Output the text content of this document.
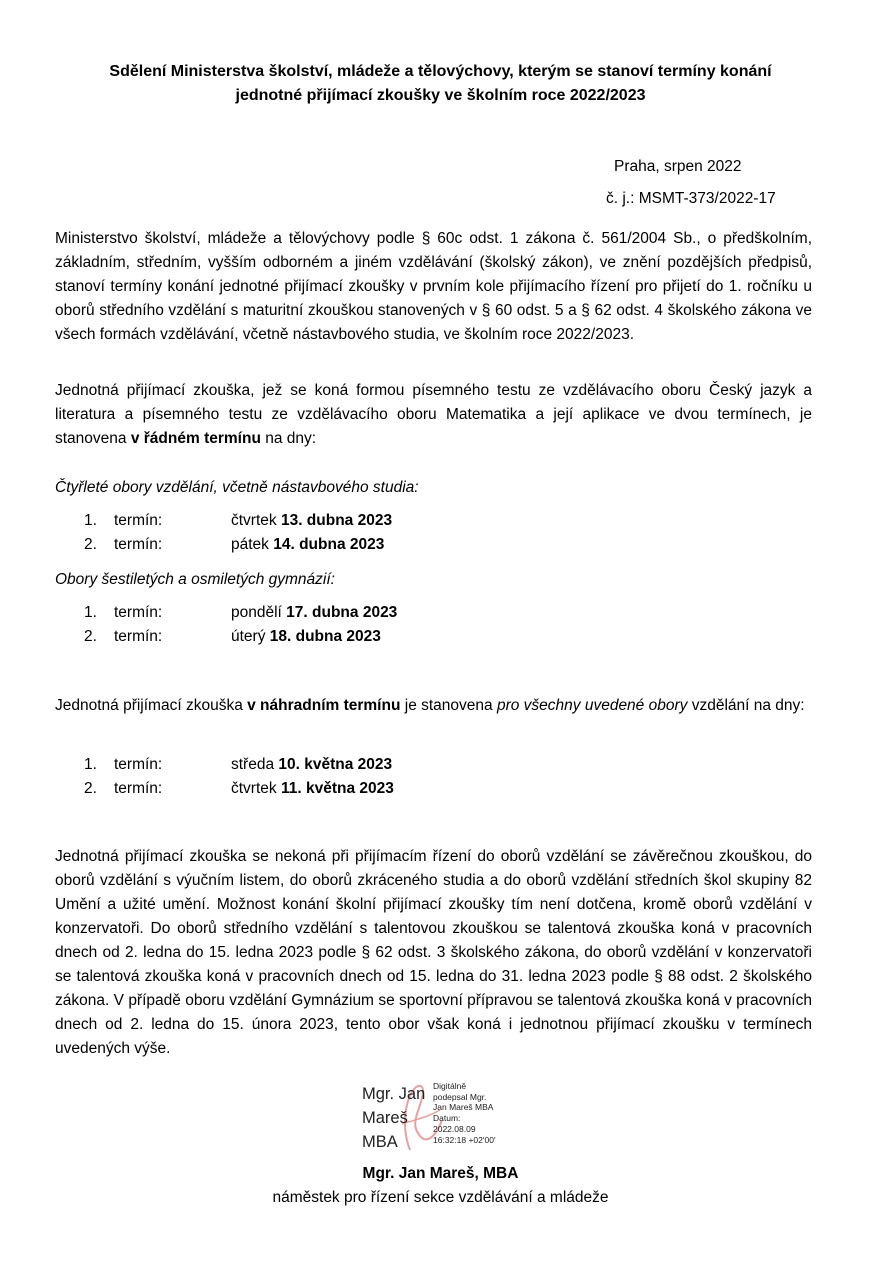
Sdělení Ministerstva školství, mládeže a tělovýchovy, kterým se stanoví termíny konání
jednotné přijímací zkoušky ve školním roce 2022/2023
Praha, srpen 2022
č. j.: MSMT-373/2022-17

Ministerstvo školství, mládeže a tělovýchovy podle § 60c odst. 1 zákona č. 561/2004 Sb., o předškolním, základním, středním, vyšším odborném a jiném vzdělávání (školský zákon), ve znění pozdějších předpisů, stanoví termíny konání jednotné přijímací zkoušky v prvním kole přijímacího řízení pro přijetí do 1. ročníku u oborů středního vzdělání s maturitní zkouškou stanovených v § 60 odst. 5 a § 62 odst. 4 školského zákona ve všech formách vzdělávání, včetně nástavbového studia, ve školním roce 2022/2023.

Jednotná přijímací zkouška, jež se koná formou písemného testu ze vzdělávacího oboru Český jazyk a literatura a písemného testu ze vzdělávacího oboru Matematika a její aplikace ve dvou termínech, je stanovena v řádném termínu na dny:

Čtyřleté obory vzdělání, včetně nástavbového studia:
1. termín:	čtvrtek 13. dubna 2023
2. termín:	pátek 14. dubna 2023
Obory šestiletých a osmiletých gymnázií:
1. termín:	pondělí 17. dubna 2023
2. termín:	úterý 18. dubna 2023

Jednotná přijímací zkouška v náhradním termínu je stanovena pro všechny uvedené obory vzdělání na dny:

1. termín:	středa 10. května 2023
2. termín:	čtvrtek 11. května 2023

Jednotná přijímací zkouška se nekoná při přijímacím řízení do oborů vzdělání se závěrečnou zkouškou, do oborů vzdělání s výučním listem, do oborů zkráceného studia a do oborů vzdělání středních škol skupiny 82 Umění a užité umění. Možnost konání školní přijímací zkoušky tím není dotčena, kromě oborů vzdělání v konzervatoři. Do oborů středního vzdělání s talentovou zkouškou se talentová zkouška koná v pracovních dnech od 2. ledna do 15. ledna 2023 podle § 62 odst. 3 školského zákona, do oborů vzdělání v konzervatoři se talentová zkouška koná v pracovních dnech od 15. ledna do 31. ledna 2023 podle § 88 odst. 2 školského zákona. V případě oboru vzdělání Gymnázium se sportovní přípravou se talentová zkouška koná v pracovních dnech od 2. ledna do 15. února 2023, tento obor však koná i jednotnou přijímací zkoušku v termínech uvedených výše.

Mgr. Jan
Mareš
MBA
Digitálně
podepsal Mgr.
Jan Mareš MBA
Datum:
2022.08.09
16:32:18 +02'00'
Mgr. Jan Mareš, MBA
náměstek pro řízení sekce vzdělávání a mládeže
